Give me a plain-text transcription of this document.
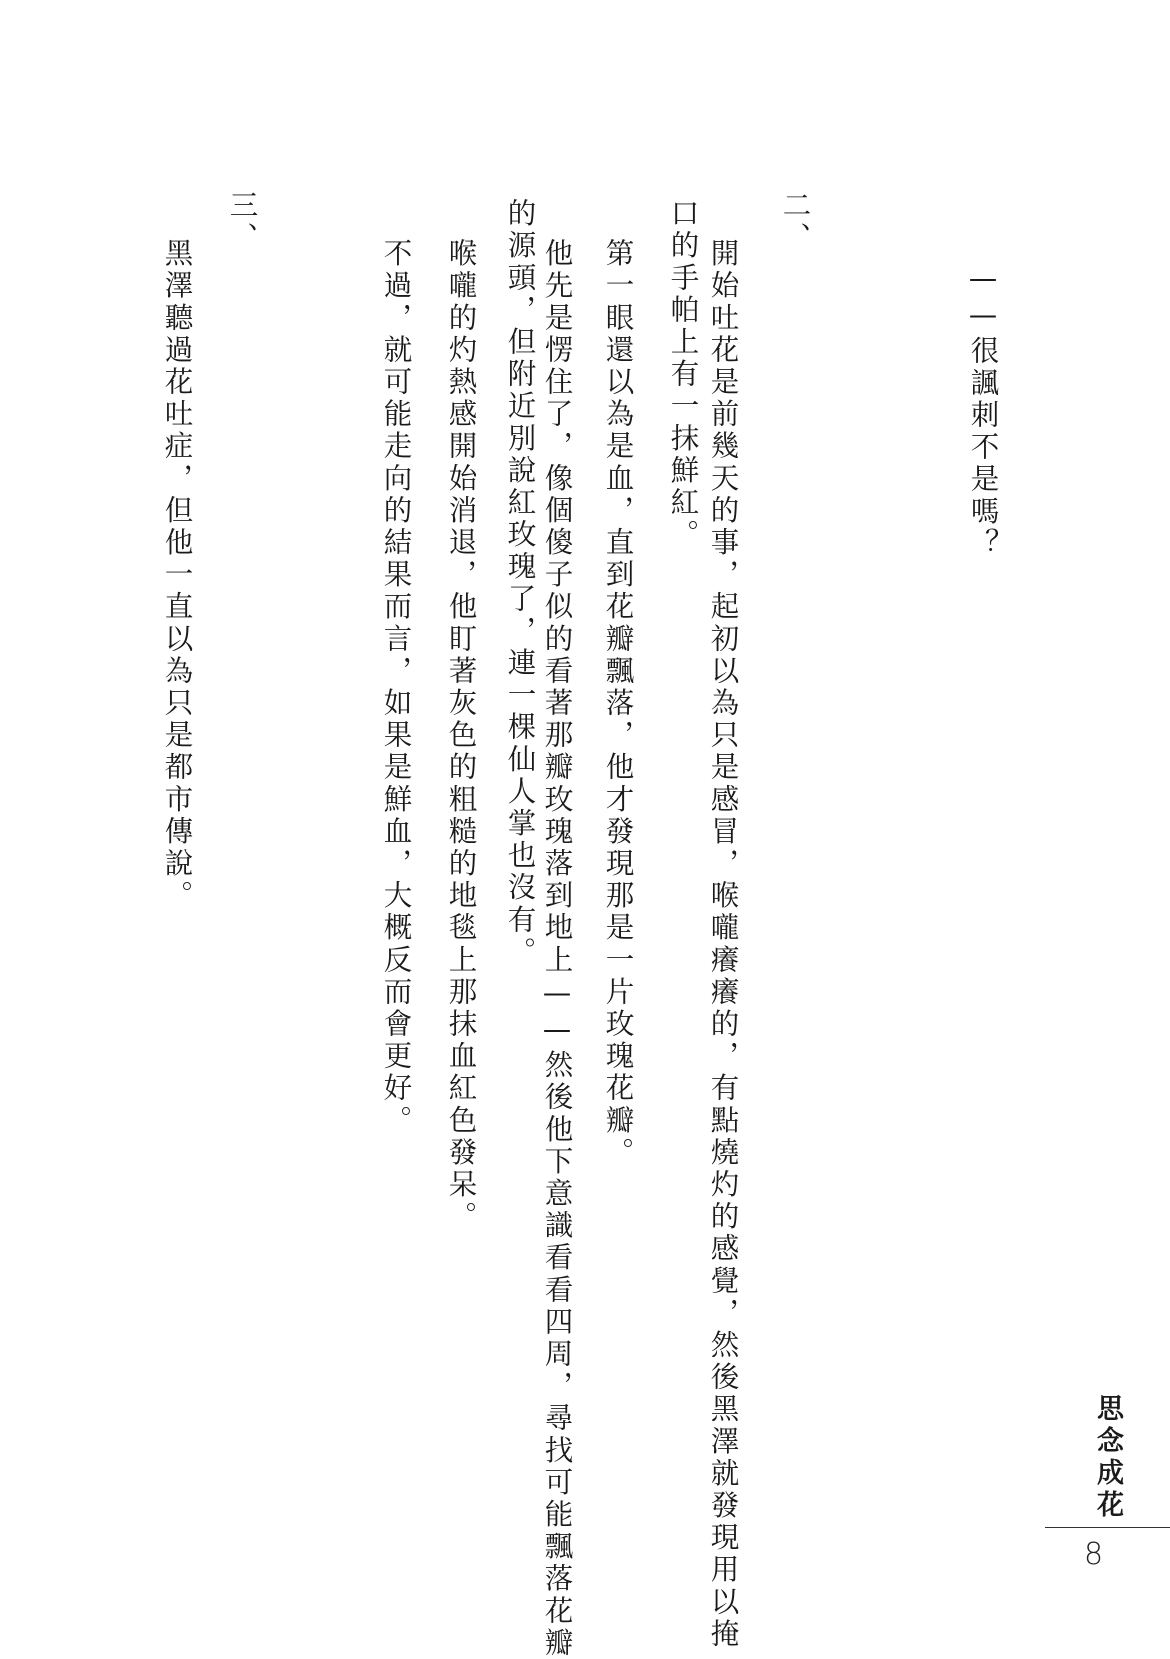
——很諷刺不是嗎？

二、

開始吐花是前幾天的事，起初以為只是感冒，喉嚨癢癢的，有點燒灼的感覺，然後黑澤就發現用以掩

口的手帕上有一抹鮮紅。

第一眼還以為是血，直到花瓣飄落，他才發現那是一片玫瑰花瓣。

他先是愣住了，像個傻子似的看著那瓣玫瑰落到地上——然後他下意識看看四周，尋找可能飄落花瓣

的源頭，但附近別說紅玫瑰了，連一棵仙人掌也沒有。

喉嚨的灼熱感開始消退，他盯著灰色的粗糙的地毯上那抹血紅色發呆。

不過，就可能走向的結果而言，如果是鮮血，大概反而會更好。

三、

黑澤聽過花吐症，但他一直以為只是都市傳說。

思念成花

8
